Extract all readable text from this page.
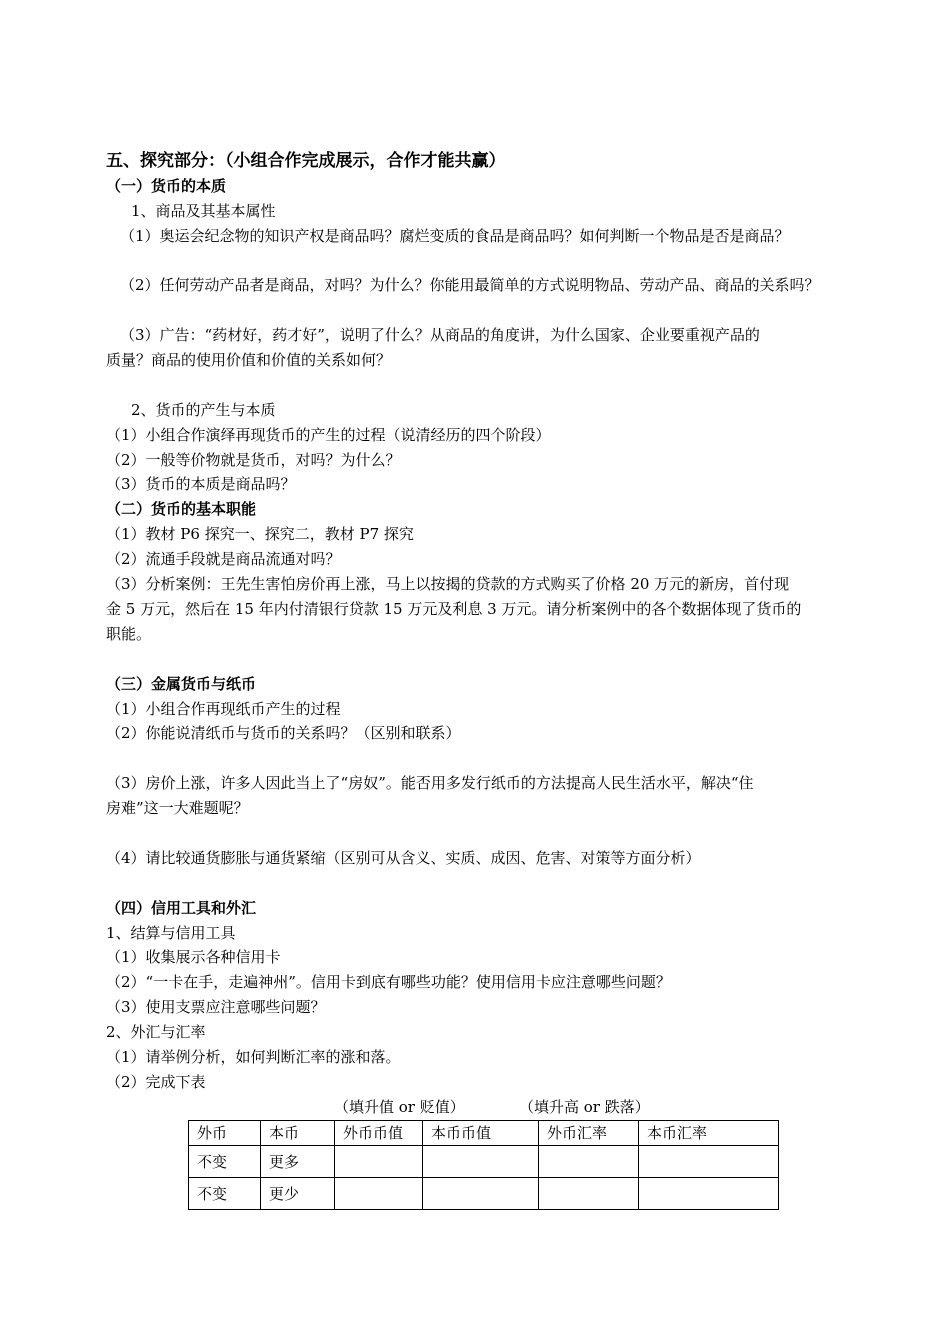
五、探究部分：（小组合作完成展示，合作才能共赢）
（一）货币的本质
1、商品及其基本属性
（1）奥运会纪念物的知识产权是商品吗？腐烂变质的食品是商品吗？如何判断一个物品是否是商品？
（2）任何劳动产品者是商品，对吗？为什么？你能用最简单的方式说明物品、劳动产品、商品的关系吗？
（3）广告：“药材好，药才好”，说明了什么？从商品的角度讲，为什么国家、企业要重视产品的
质量？商品的使用价值和价值的关系如何？
2、货币的产生与本质
（1）小组合作演绎再现货币的产生的过程（说清经历的四个阶段）
（2）一般等价物就是货币，对吗？为什么？
（3）货币的本质是商品吗？
（二）货币的基本职能
（1）教材 P6 探究一、探究二，教材 P7 探究
（2）流通手段就是商品流通对吗？
（3）分析案例：王先生害怕房价再上涨，马上以按揭的贷款的方式购买了价格 20 万元的新房，首付现
金 5 万元，然后在 15 年内付清银行贷款 15 万元及利息 3 万元。请分析案例中的各个数据体现了货币的
职能。
（三）金属货币与纸币
（1）小组合作再现纸币产生的过程
（2）你能说清纸币与货币的关系吗？（区别和联系）
（3）房价上涨，许多人因此当上了“房奴”。能否用多发行纸币的方法提高人民生活水平，解决“住
房难”这一大难题呢？
（4）请比较通货膨胀与通货紧缩（区别可从含义、实质、成因、危害、对策等方面分析）
（四）信用工具和外汇
1、结算与信用工具
（1）收集展示各种信用卡
（2）“一卡在手，走遍神州”。信用卡到底有哪些功能？使用信用卡应注意哪些问题？
（3）使用支票应注意哪些问题？
2、外汇与汇率
（1）请举例分析，如何判断汇率的涨和落。
（2）完成下表
（填升值 or 贬值）	（填升高 or 跌落）
外币	本币	外币币值	本币币值	外币汇率	本币汇率
不变	更多				
不变	更少				
